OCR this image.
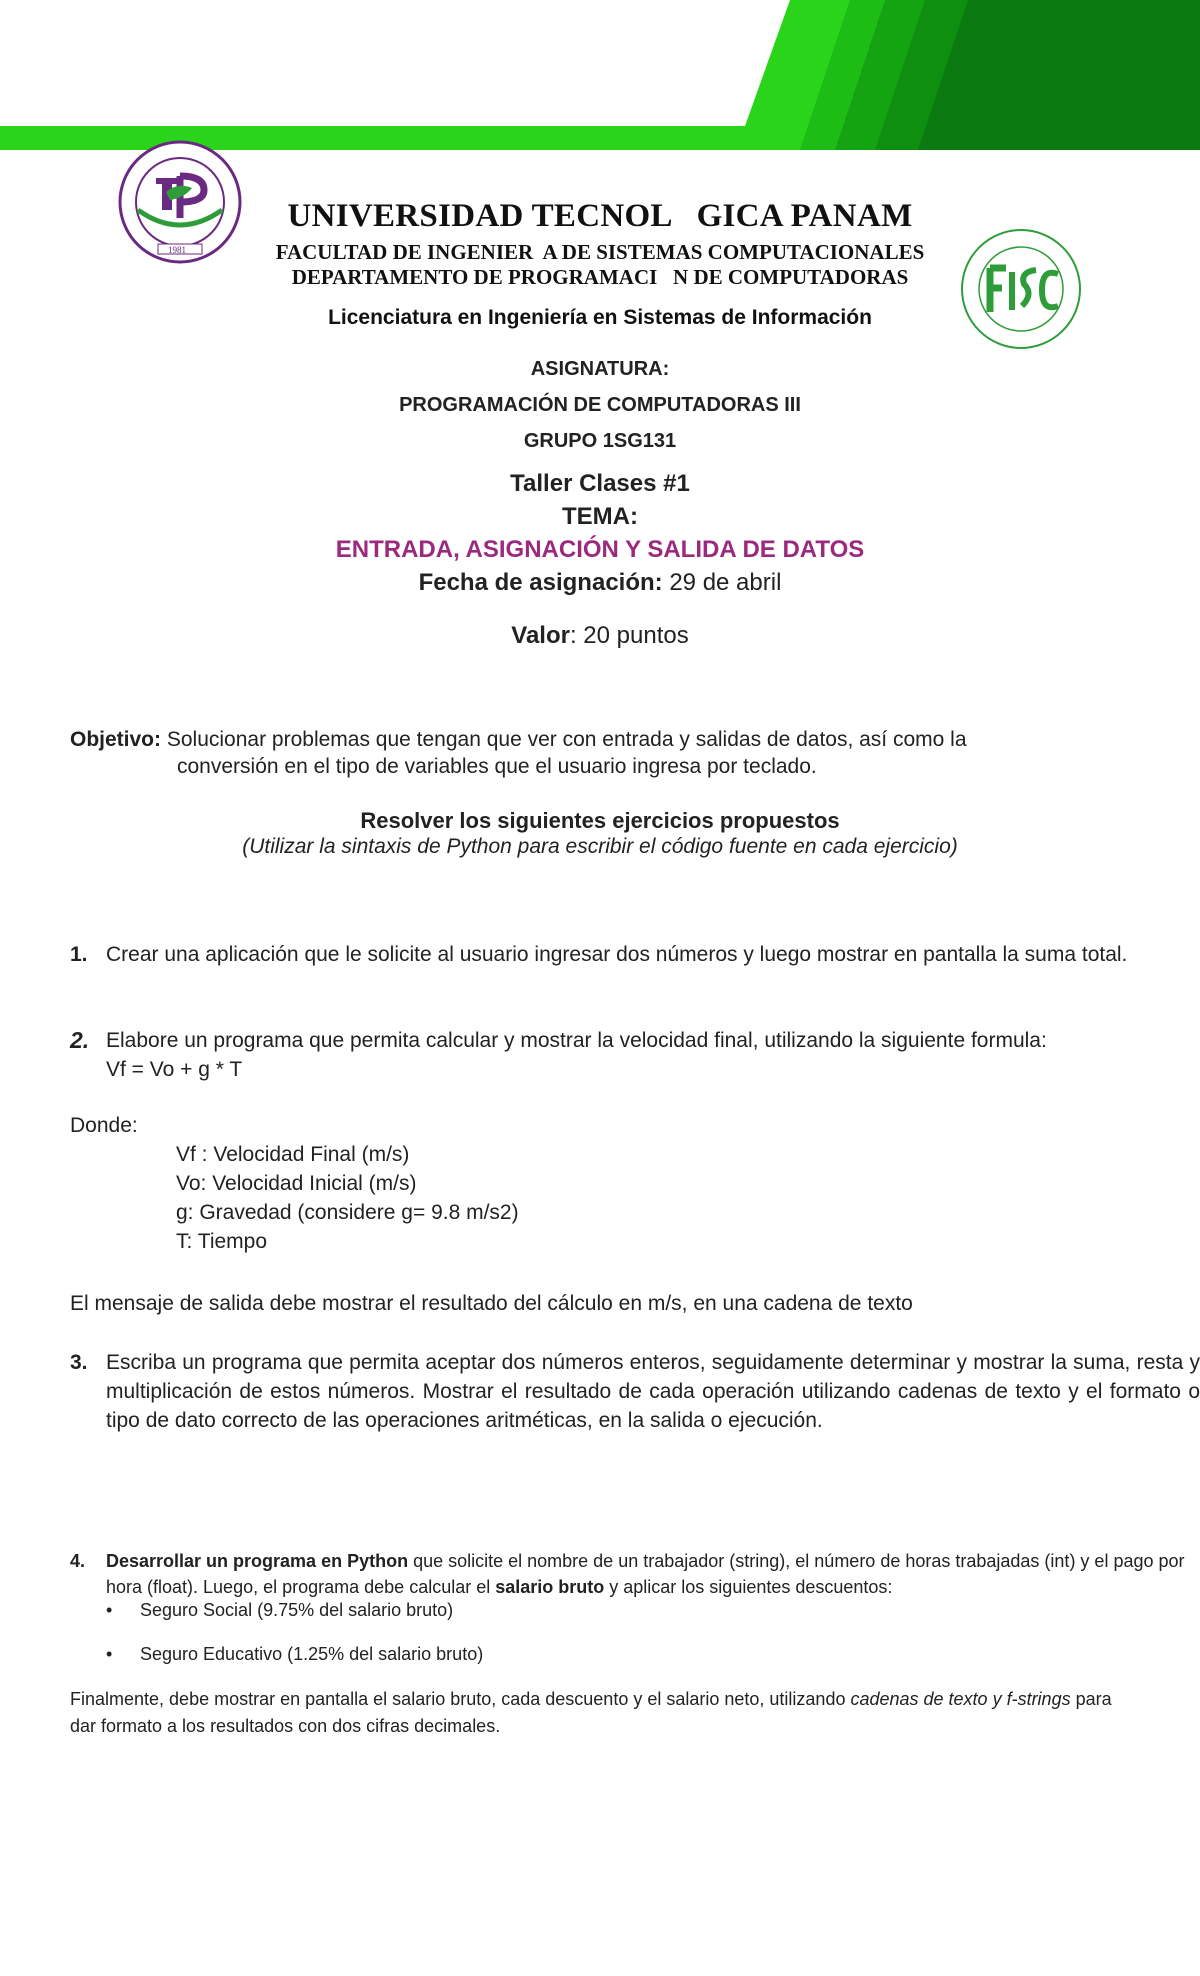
1981
UNIVERSIDAD TECNOL   GICA PANAM
FACULTAD DE INGENIER  A DE SISTEMAS COMPUTACIONALES
DEPARTAMENTO DE PROGRAMACI   N DE COMPUTADORAS
Licenciatura en Ingeniería en Sistemas de Información
ASIGNATURA:
PROGRAMACIÓN DE COMPUTADORAS III
GRUPO 1SG131
Taller Clases #1
TEMA:
ENTRADA, ASIGNACIÓN Y SALIDA DE DATOS
Fecha de asignación: 29 de abril
Valor: 20 puntos
Objetivo: Solucionar problemas que tengan que ver con entrada y salidas de datos, así como la
conversión en el tipo de variables que el usuario ingresa por teclado.
Resolver los siguientes ejercicios propuestos
(Utilizar la sintaxis de Python para escribir el código fuente en cada ejercicio)
1. Crear una aplicación que le solicite al usuario ingresar dos números y luego mostrar en pantalla la suma total.
2. Elabore un programa que permita calcular y mostrar la velocidad final, utilizando la siguiente formula:
Vf = Vo + g * T
Donde:
Vf : Velocidad Final (m/s)
Vo: Velocidad Inicial (m/s)
g: Gravedad (considere g= 9.8 m/s2)
T: Tiempo
El mensaje de salida debe mostrar el resultado del cálculo en m/s, en una cadena de texto
3. Escriba un programa que permita aceptar dos números enteros, seguidamente determinar y mostrar la suma, resta y multiplicación de estos números. Mostrar el resultado de cada operación utilizando cadenas de texto y el formato o tipo de dato correcto de las operaciones aritméticas, en la salida o ejecución.
4. Desarrollar un programa en Python que solicite el nombre de un trabajador (string), el número de horas trabajadas (int) y el pago por hora (float). Luego, el programa debe calcular el salario bruto y aplicar los siguientes descuentos:
• Seguro Social (9.75% del salario bruto)
• Seguro Educativo (1.25% del salario bruto)
Finalmente, debe mostrar en pantalla el salario bruto, cada descuento y el salario neto, utilizando cadenas de texto y f-strings para dar formato a los resultados con dos cifras decimales.
